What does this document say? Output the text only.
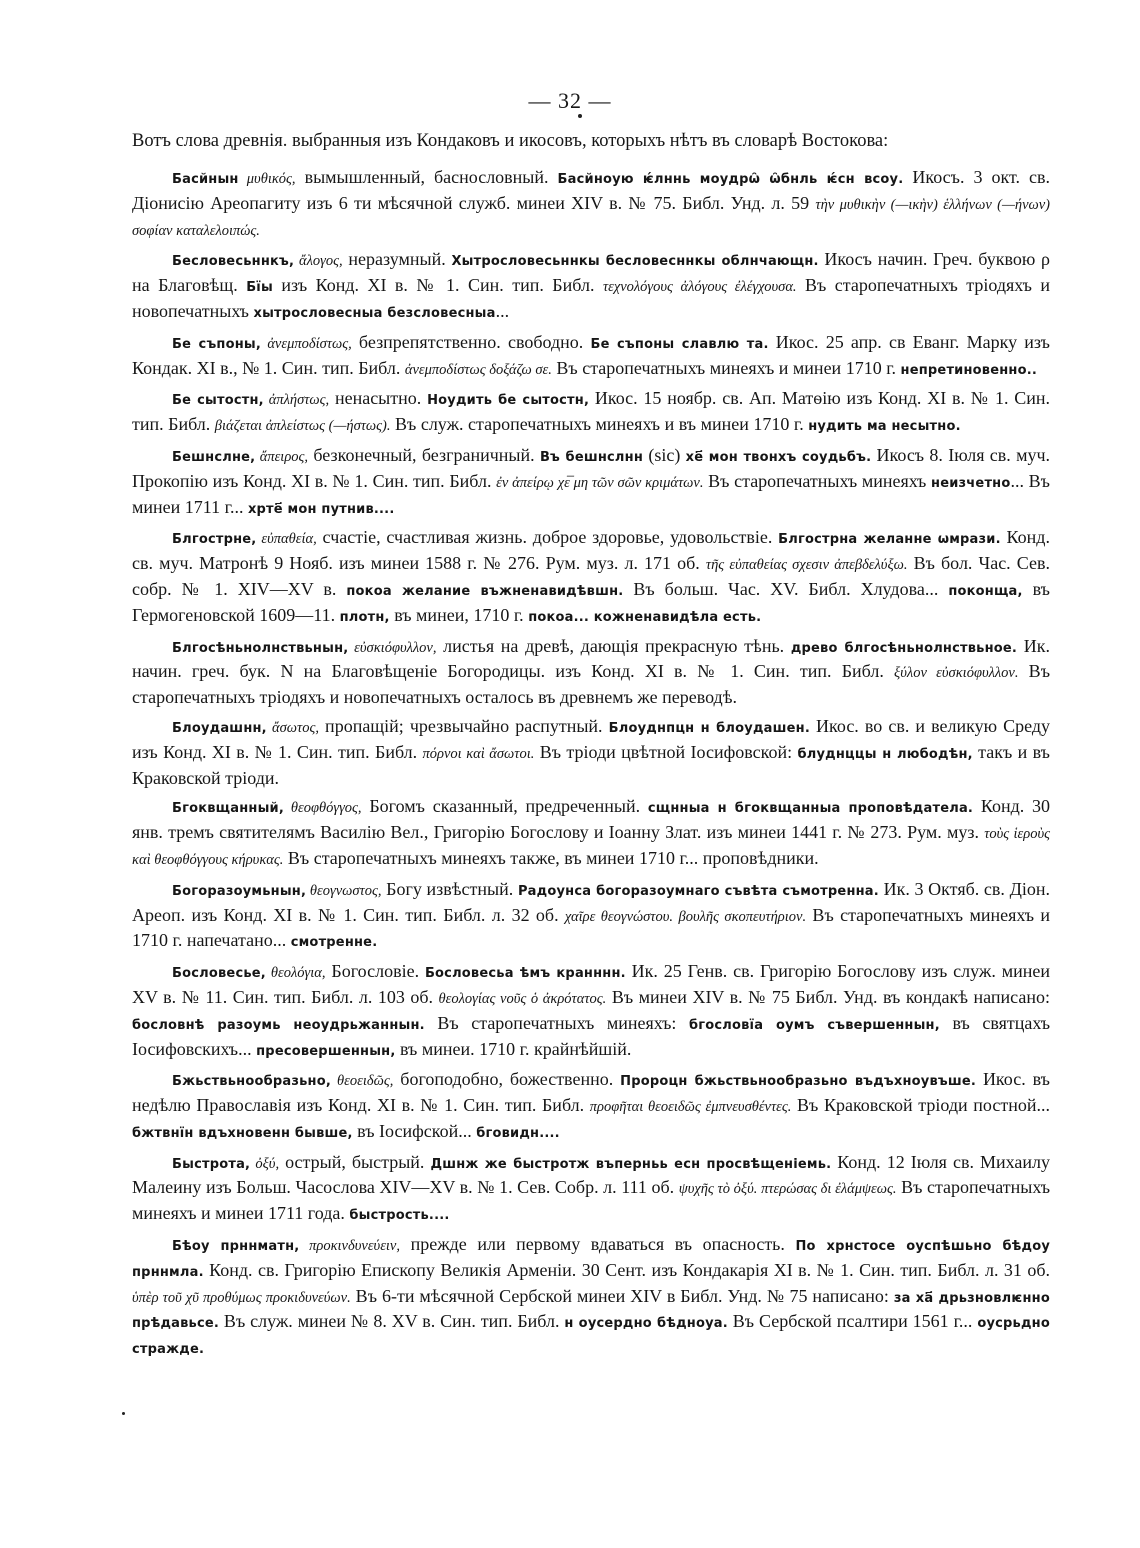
— 32 —
Вотъ слова древнія. выбранныя изъ Кондаковъ и икосовъ, которыхъ нѣтъ въ словарѣ Востокова:

Басйнын μυθικός, вымышленный, баснословный. Басйноую ѥ́лннь моудрѡ̑ ѡ̑бнль ѥ́сн всоу. Икосъ. 3 окт. св. Діонисію Ареопагиту изъ 6 ти мѣсячной служб. минеи XIV в. № 75. Библ. Унд. л. 59 τὴν μυθικὴν (—ικὴν) ἑλλήνων (—ήνων) σοφίαν καταλελοιπώς.

Бесловесьннкъ, ἄλογος, неразумный. Хытрословесьннкы бесловесннкы облнчающн. Икосъ начин. Греч. буквою ρ на Благовѣщ. Бїы изъ Конд. XI в. № 1. Син. тип. Библ. τεχνολόγους ἀλόγους ἐλέγχουσα. Въ старопечатныхъ тріодяхъ и новопечатныхъ хытрословесныа безсловесныа...

Бе съпоны, ἀνεμποδίστως, безпрепятственно. свободно. Бе съпоны славлю та. Икос. 25 апр. св Еванг. Марку изъ Кондак. XI в., № 1. Син. тип. Библ. ἀνεμποδίστως δοξάζω σε. Въ старопечатныхъ минеяхъ и минеи 1710 г. непретиновенно..

Бе сытостн, ἀπλήστως, ненасытно. Ноудить бе сытостн, Икос. 15 ноябр. св. Ап. Матѳію изъ Конд. XI в. № 1. Син. тип. Библ. βιάζεται ἀπλείστως (—ήστως). Въ служ. старопечатныхъ минеяхъ и въ минеи 1710 г. нудить ма несытно.

Бешнслне, ἄπειρος, безконечный, безграничный. Въ бешнслнн (sic) хе҃ мон твонхъ соудьбъ. Икосъ 8. Іюля св. муч. Прокопію изъ Конд. XI в. № 1. Син. тип. Библ. ἐν ἀπείρῳ χε̅ μη τῶν σῶν κριμάτων. Въ старопечатныхъ минеяхъ неизчетно... Въ минеи 1711 г... хрте҃ мон путнив....

Блгострне, εὐπαθεία, счастіе, счастливая жизнь. доброе здоровье, удовольствіе. Блгострна желанне ѡмрази. Конд. св. муч. Матронѣ 9 Нояб. изъ минеи 1588 г. № 276. Рум. муз. л. 171 об. τῆς εὐπαθείας σχεσιν ἀπεβδελύξω. Въ бол. Час. Сев. собр. № 1. XIV—XV в. покоа желание въжненавидѣвшн. Въ больш. Час. XV. Библ. Хлудова... поконща, въ Гермогеновской 1609—11. плотн, въ минеи, 1710 г. покоа... кожненавидѣла есть.

Блгосѣньнолнствьнын, εὐσκιόφυλλον, листья на древѣ, дающія прекрасную тѣнь. древо блгосѣньнолнствьное. Ик. начин. греч. бук. N на Благовѣщеніе Богородицы. изъ Конд. XI в. № 1. Син. тип. Библ. ξύλον εὐσκιόφυλλον. Въ старопечатныхъ тріодяхъ и новопечатныхъ осталось въ древнемъ же переводѣ.

Блоудашнн, ἄσωτος, пропащій; чрезвычайно распутный. Блоуднпцн н блоудашен. Икос. во св. и великую Среду изъ Конд. XI в. № 1. Син. тип. Библ. πόρνοι καὶ ἄσωτοι. Въ тріоди цвѣтной Іосифовской: блуднццы н любодѣн, такъ и въ Краковской тріоди.

Бгоквщанный, θεοφθόγγος, Богомъ сказанный, предреченный. сщнныа н бгоквщанныа проповѣдатела. Конд. 30 янв. тремъ святителямъ Василію Вел., Григорію Богослову и Іоанну Злат. изъ минеи 1441 г. № 273. Рум. муз. τοὺς ἱεροὺς καὶ θεοφθόγγους κήρυκας. Въ старопечатныхъ минеяхъ также, въ минеи 1710 г... проповѣдники.

Богоразоумьнын, θεογνωστος, Богу извѣстный. Радоунса богоразоумнаго съвѣта съмотренна. Ик. 3 Октяб. св. Діон. Ареоп. изъ Конд. XI в. № 1. Син. тип. Библ. л. 32 об. χαῖρε θεογνώστου. βουλῆς σκοπευτήριον. Въ старопечатныхъ минеяхъ и 1710 г. напечатано... смотренне.

Бословесье, θεολόγια, Богословіе. Бословесьа ѣмъ кранннн. Ик. 25 Генв. св. Григорію Богослову изъ служ. минеи XV в. № 11. Син. тип. Библ. л. 103 об. θεολογίας νοῦς ὁ ἀκρότατος. Въ минеи XIV в. № 75 Библ. Унд. въ кондакѣ написано: бословнѣ разоумь неоудрьжаннын. Въ старопечатныхъ минеяхъ: бгословїа оумъ съвершеннын, въ святцахъ Іосифовскихъ... пресовершеннын, въ минеи. 1710 г. крайнѣйшій.

Бжьствьнообразьно, θεοειδῶς, богоподобно, божественно. Пророцн бжьствьнообразьно въдъхноувъше. Икос. въ недѣлю Православія изъ Конд. XI в. № 1. Син. тип. Библ. προφῆται θεοειδῶς ἐμπνευσθέντες. Въ Краковской тріоди постной... бжтвнїн вдъхновенн бывше, въ Іосифской... бговидн....

Быстрота, ὀξύ, острый, быстрый. Дшнж же быстротж въперньь есн просвѣщеніемь. Конд. 12 Іюля св. Михаилу Малеину изъ Больш. Часослова XIV—XV в. № 1. Сев. Собр. л. 111 об. ψυχῆς τὸ ὀξύ. πτερώσας δι ἐλάμψεως. Въ старопечатныхъ минеяхъ и минеи 1711 года. быстрость....

Бѣоу прннматн, προκινδυνεύειν, прежде или первому вдаваться въ опасность. По хрнстосе оуспѣшьно бѣдоу прннмла. Конд. св. Григорію Епископу Великія Арменіи. 30 Сент. изъ Кондакарія XI в. № 1. Син. тип. Библ. л. 31 об. ὑπὲρ τοῦ χῦ προθύμως προκιδυνεύων. Въ 6-ти мѣсячной Сербской минеи XIV в Библ. Унд. № 75 написано: за ха҃ дрьзновлѥнно прѣдавьсе. Въ служ. минеи № 8. XV в. Син. тип. Библ. н оусердно бѣдноуа. Въ Сербской псалтири 1561 г... оусрьдно стражде.
